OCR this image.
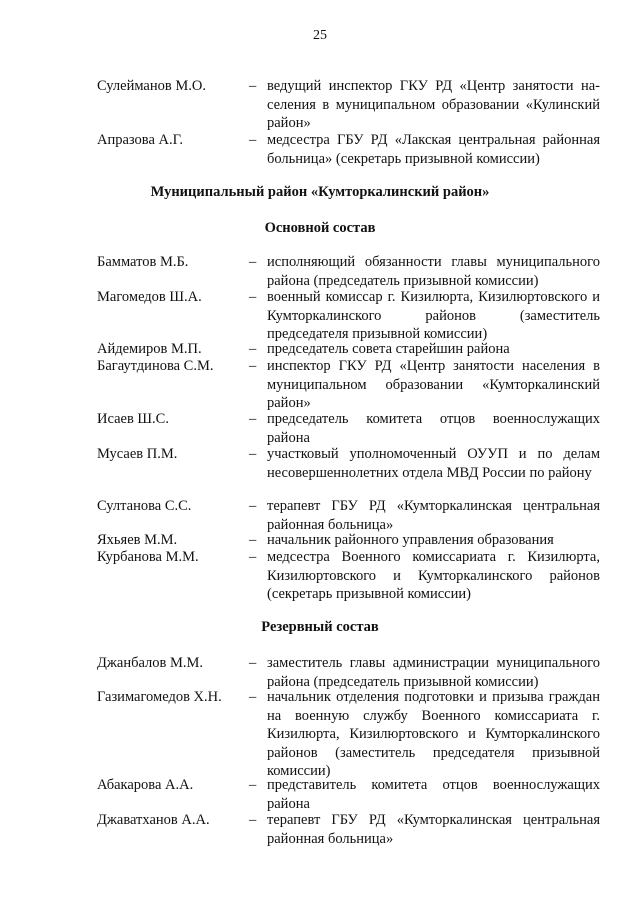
25
Сулейманов М.О.	– ведущий инспектор ГКУ РД «Центр занятости населения в муниципальном образовании «Кулинский район»
Апразова А.Г.	– медсестра ГБУ РД «Лакская центральная районная больница» (секретарь призывной комиссии)
Муниципальный район «Кумторкалинский район»
Основной состав
Бамматов М.Б.	– исполняющий обязанности главы муниципального района (председатель призывной комиссии)
Магомедов Ш.А.	– военный комиссар г. Кизилюрта, Кизилюртовского и Кумторкалинского районов (заместитель председателя призывной комиссии)
Айдемиров М.П.	– председатель совета старейшин района
Багаутдинова С.М. – инспектор ГКУ РД «Центр занятости населения в муниципальном образовании «Кумторкалинский район»
Исаев Ш.С.	– председатель комитета отцов военнослужащих района
Мусаев П.М.	– участковый уполномоченный ОУУП и по делам несовершеннолетних отдела МВД России по району
Султанова С.С.	– терапевт ГБУ РД «Кумторкалинская центральная районная больница»
Яхьяев М.М.	– начальник районного управления образования
Курбанова М.М.	– медсестра Военного комиссариата г. Кизилюрта, Кизилюртовского и Кумторкалинского районов (секретарь призывной комиссии)
Резервный состав
Джанбалов М.М.	– заместитель главы администрации муниципального района (председатель призывной комиссии)
Газимагомедов Х.Н. – начальник отделения подготовки и призыва граждан на военную службу Военного комиссариата г. Кизилюрта, Кизилюртовского и Кумторкалинского районов (заместитель председателя призывной комиссии)
Абакарова А.А.	– представитель комитета отцов военнослужащих района
Джаватханов А.А.	– терапевт ГБУ РД «Кумторкалинская центральная районная больница»
